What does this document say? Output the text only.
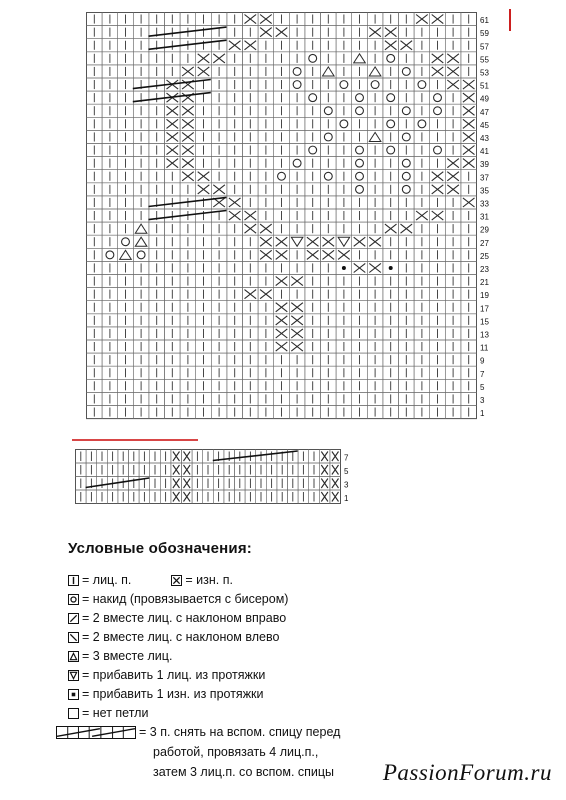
61
59
57
55
53
51
49
47
45
43
41
39
37
35
33
31
29
27
25
23
21
19
17
15
13
11
9
7
5
3
1
7
5
3
1
Условные обозначения:
= лиц. п.	= изн. п.
= накид (провязывается с бисером)
= 2 вместе лиц. с наклоном вправо
= 2 вместе лиц. с наклоном влево
= 3 вместе лиц.
= прибавить 1 лиц. из протяжки
= прибавить 1 изн. из протяжки
= нет петли
= 3 п. снять на вспом. спицу перед
работой, провязать 4 лиц.п.,
затем 3 лиц.п. со вспом. спицы	PassionForum.ru
